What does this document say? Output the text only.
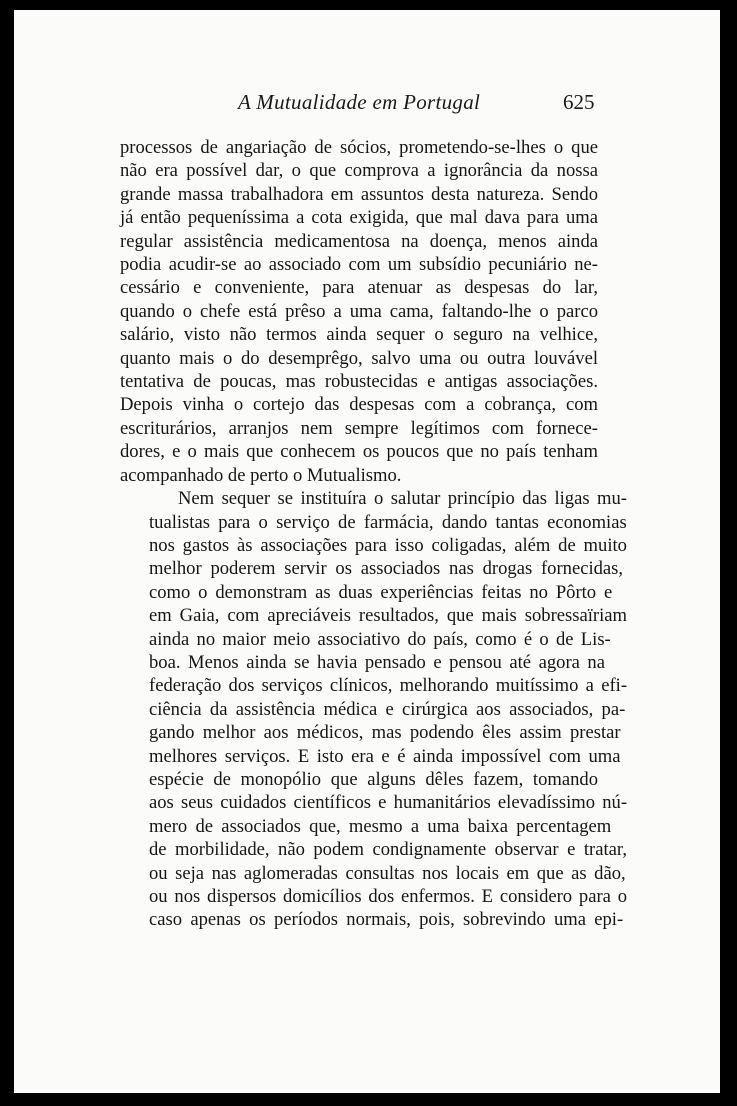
A Mutualidade em Portugal	625

processos de angariação de sócios, prometendo-se-lhes o que
não era possível dar, o que comprova a ignorância da nossa
grande massa trabalhadora em assuntos desta natureza. Sendo
já então pequeníssima a cota exigida, que mal dava para uma
regular assistência medicamentosa na doença, menos ainda
podia acudir-se ao associado com um subsídio pecuniário ne-
cessário e conveniente, para atenuar as despesas do lar,
quando o chefe está prêso a uma cama, faltando-lhe o parco
salário, visto não termos ainda sequer o seguro na velhice,
quanto mais o do desemprêgo, salvo uma ou outra louvável
tentativa de poucas, mas robustecidas e antigas associações.
Depois vinha o cortejo das despesas com a cobrança, com
escriturários, arranjos nem sempre legítimos com fornece-
dores, e o mais que conhecem os poucos que no país tenham
acompanhado de perto o Mutualismo.

Nem sequer se instituíra o salutar princípio das ligas mu-
tualistas para o serviço de farmácia, dando tantas economias
nos gastos às associações para isso coligadas, além de muito
melhor poderem servir os associados nas drogas fornecidas,
como o demonstram as duas experiências feitas no Pôrto e
em Gaia, com apreciáveis resultados, que mais sobressaïriam
ainda no maior meio associativo do país, como é o de Lis-
boa. Menos ainda se havia pensado e pensou até agora na
federação dos serviços clínicos, melhorando muitíssimo a efi-
ciência da assistência médica e cirúrgica aos associados, pa-
gando melhor aos médicos, mas podendo êles assim prestar
melhores serviços. E isto era e é ainda impossível com uma
espécie de monopólio que alguns dêles fazem, tomando
aos seus cuidados científicos e humanitários elevadíssimo nú-
mero de associados que, mesmo a uma baixa percentagem
de morbilidade, não podem condignamente observar e tratar,
ou seja nas aglomeradas consultas nos locais em que as dão,
ou nos dispersos domicílios dos enfermos. E considero para o
caso apenas os períodos normais, pois, sobrevindo uma epi-
